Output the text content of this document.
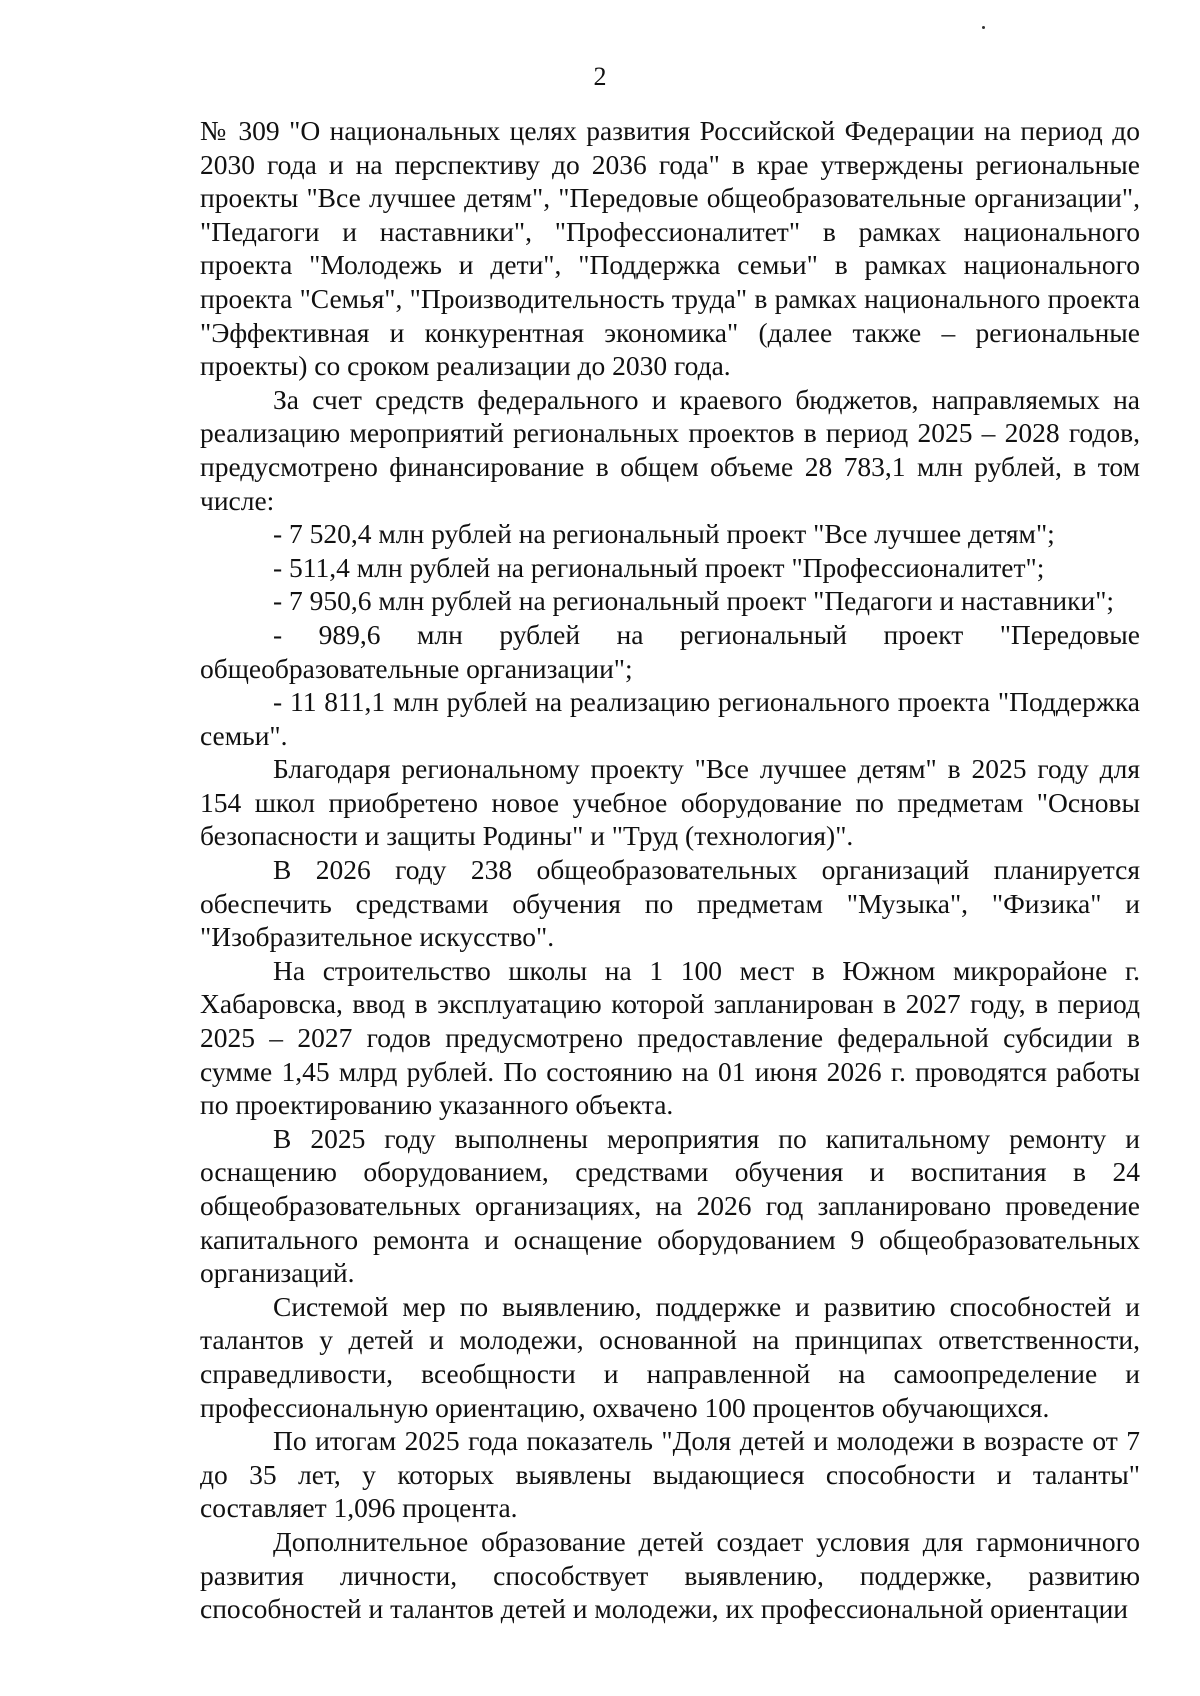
2

№ 309 "О национальных целях развития Российской Федерации на период до 2030 года и на перспективу до 2036 года" в крае утверждены региональные проекты "Все лучшее детям", "Передовые общеобразовательные организации", "Педагоги и наставники", "Профессионалитет" в рамках национального проекта "Молодежь и дети", "Поддержка семьи" в рамках национального проекта "Семья", "Производительность труда" в рамках национального проекта "Эффективная и конкурентная экономика" (далее также – региональные проекты) со сроком реализации до 2030 года.

За счет средств федерального и краевого бюджетов, направляемых на реализацию мероприятий региональных проектов в период 2025 – 2028 годов, предусмотрено финансирование в общем объеме 28 783,1 млн рублей, в том числе:

- 7 520,4 млн рублей на региональный проект "Все лучшее детям";

- 511,4 млн рублей на региональный проект "Профессионалитет";

- 7 950,6 млн рублей на региональный проект "Педагоги и наставники";

- 989,6 млн рублей на региональный проект "Передовые общеобразовательные организации";

- 11 811,1 млн рублей на реализацию регионального проекта "Поддержка семьи".

Благодаря региональному проекту "Все лучшее детям" в 2025 году для 154 школ приобретено новое учебное оборудование по предметам "Основы безопасности и защиты Родины" и "Труд (технология)".

В 2026 году 238 общеобразовательных организаций планируется обеспечить средствами обучения по предметам "Музыка", "Физика" и "Изобразительное искусство".

На строительство школы на 1 100 мест в Южном микрорайоне г. Хабаровска, ввод в эксплуатацию которой запланирован в 2027 году, в период 2025 – 2027 годов предусмотрено предоставление федеральной субсидии в сумме 1,45 млрд рублей. По состоянию на 01 июня 2026 г. проводятся работы по проектированию указанного объекта.

В 2025 году выполнены мероприятия по капитальному ремонту и оснащению оборудованием, средствами обучения и воспитания в 24 общеобразовательных организациях, на 2026 год запланировано проведение капитального ремонта и оснащение оборудованием 9 общеобразовательных организаций.

Системой мер по выявлению, поддержке и развитию способностей и талантов у детей и молодежи, основанной на принципах ответственности, справедливости, всеобщности и направленной на самоопределение и профессиональную ориентацию, охвачено 100 процентов обучающихся.

По итогам 2025 года показатель "Доля детей и молодежи в возрасте от 7 до 35 лет, у которых выявлены выдающиеся способности и таланты" составляет 1,096 процента.

Дополнительное образование детей создает условия для гармоничного развития личности, способствует выявлению, поддержке, развитию способностей и талантов детей и молодежи, их профессиональной ориентации
